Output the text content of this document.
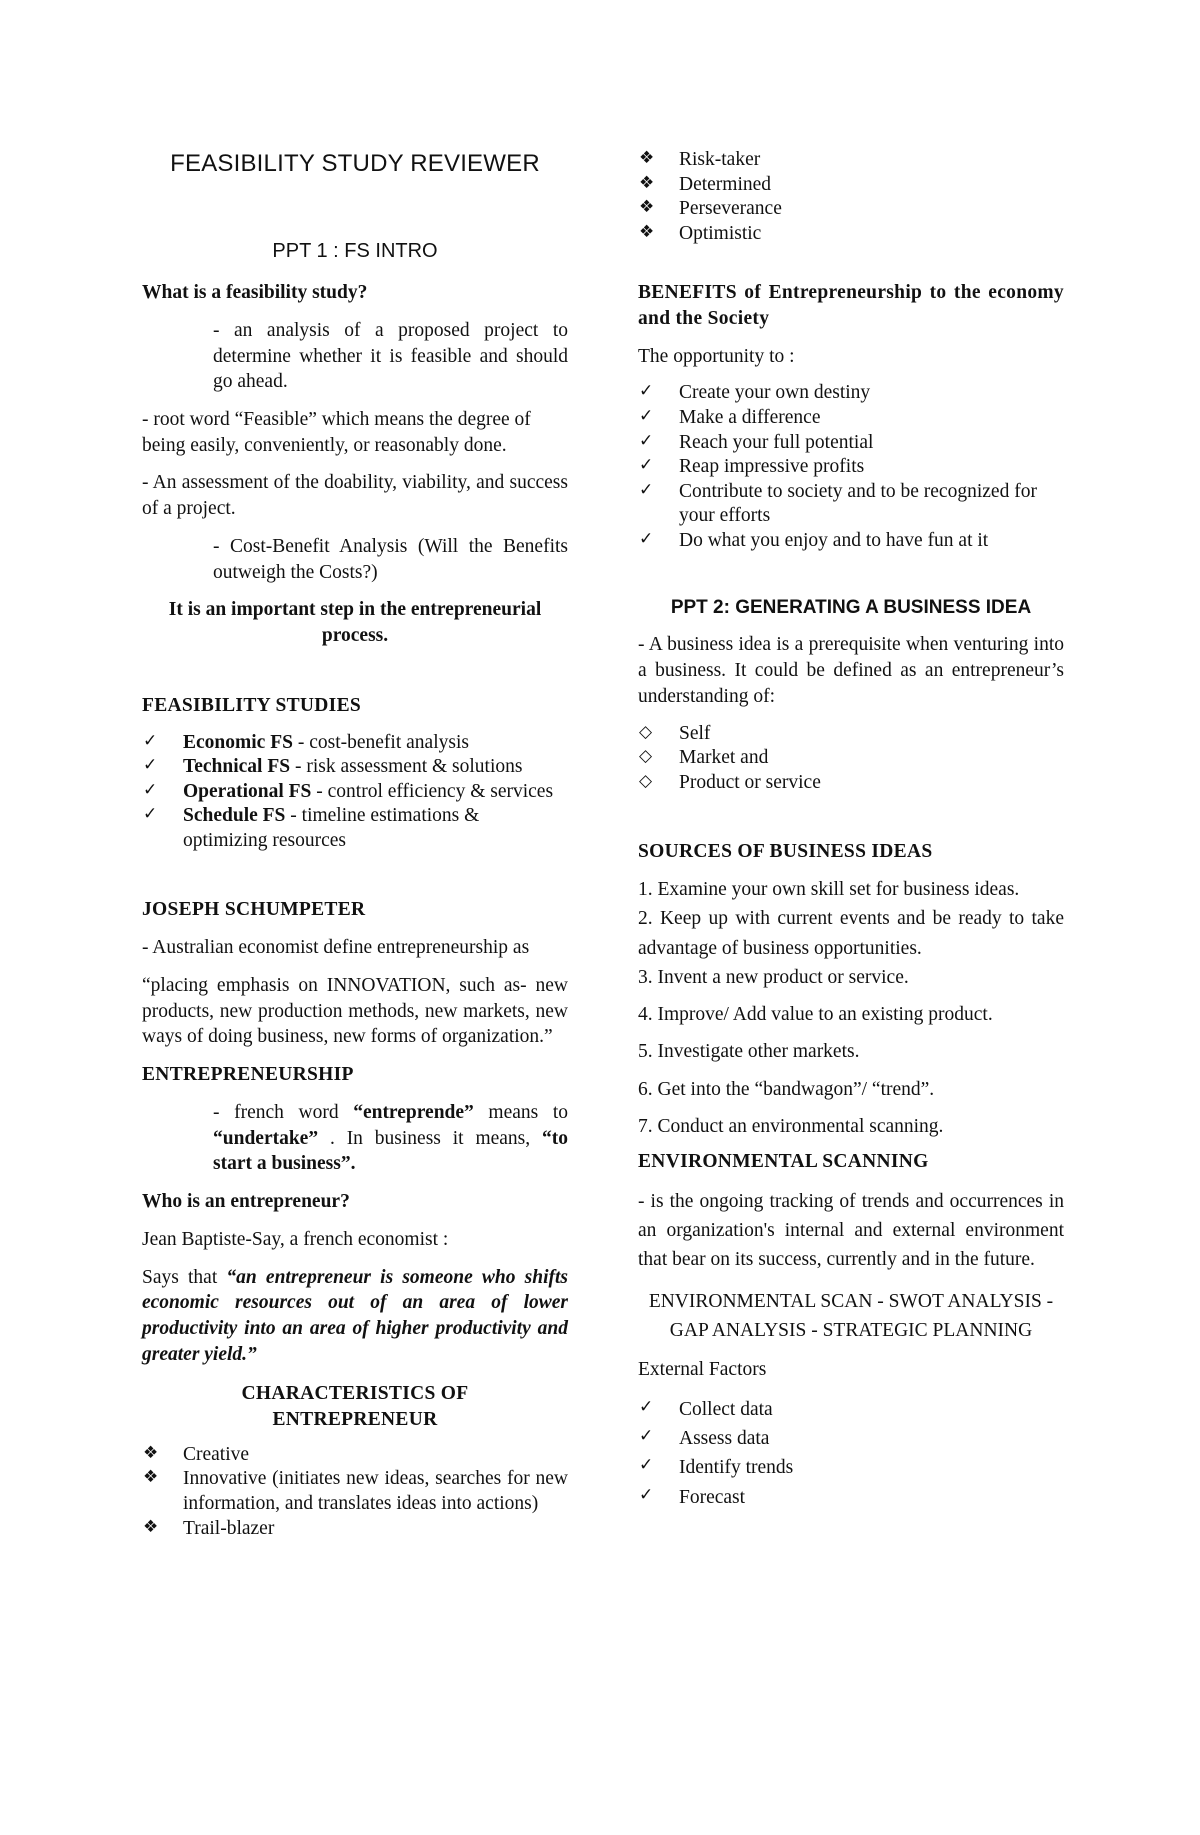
FEASIBILITY STUDY REVIEWER

PPT 1 : FS INTRO

What is a feasibility study?

- an analysis of a proposed project to determine whether it is feasible and should go ahead.

- root word “Feasible” which means the degree of being easily, conveniently, or reasonably done.

- An assessment of the doability, viability, and success of a project.

- Cost-Benefit Analysis (Will the Benefits outweigh the Costs?)

It is an important step in the entrepreneurial process.

FEASIBILITY STUDIES

✓	Economic FS - cost-benefit analysis
✓	Technical FS - risk assessment & solutions
✓	Operational FS - control efficiency & services
✓	Schedule FS - timeline estimations & optimizing resources

JOSEPH SCHUMPETER

- Australian economist define entrepreneurship as

“placing emphasis on INNOVATION, such as- new products, new production methods, new markets, new ways of doing business, new forms of organization.”

ENTREPRENEURSHIP

- french word “entreprende” means to “undertake” . In business it means, “to start a business”.

Who is an entrepreneur?

Jean Baptiste-Say, a french economist :

Says that “an entrepreneur is someone who shifts economic resources out of an area of lower productivity into an area of higher productivity and greater yield.”

CHARACTERISTICS OF
ENTREPRENEUR

❖	Creative
❖	Innovative (initiates new ideas, searches for new information, and translates ideas into actions)
❖	Trail-blazer
❖	Risk-taker
❖	Determined
❖	Perseverance
❖	Optimistic

BENEFITS of Entrepreneurship to the economy and the Society

The opportunity to :

✓	Create your own destiny
✓	Make a difference
✓	Reach your full potential
✓	Reap impressive profits
✓	Contribute to society and to be recognized for your efforts
✓	Do what you enjoy and to have fun at it

PPT 2: GENERATING A BUSINESS IDEA

- A business idea is a prerequisite when venturing into a business. It could be defined as an entrepreneur’s understanding of:

◇	Self
◇	Market and
◇	Product or service

SOURCES OF BUSINESS IDEAS

1. Examine your own skill set for business ideas.

2. Keep up with current events and be ready to take advantage of business opportunities.

3. Invent a new product or service.

4. Improve/ Add value to an existing product.

5. Investigate other markets.

6. Get into the “bandwagon”/ “trend”.

7. Conduct an environmental scanning.

ENVIRONMENTAL SCANNING

- is the ongoing tracking of trends and occurrences in an organization's internal and external environment that bear on its success, currently and in the future.

ENVIRONMENTAL SCAN - SWOT ANALYSIS - GAP ANALYSIS - STRATEGIC PLANNING

External Factors

✓	Collect data
✓	Assess data
✓	Identify trends
✓	Forecast
